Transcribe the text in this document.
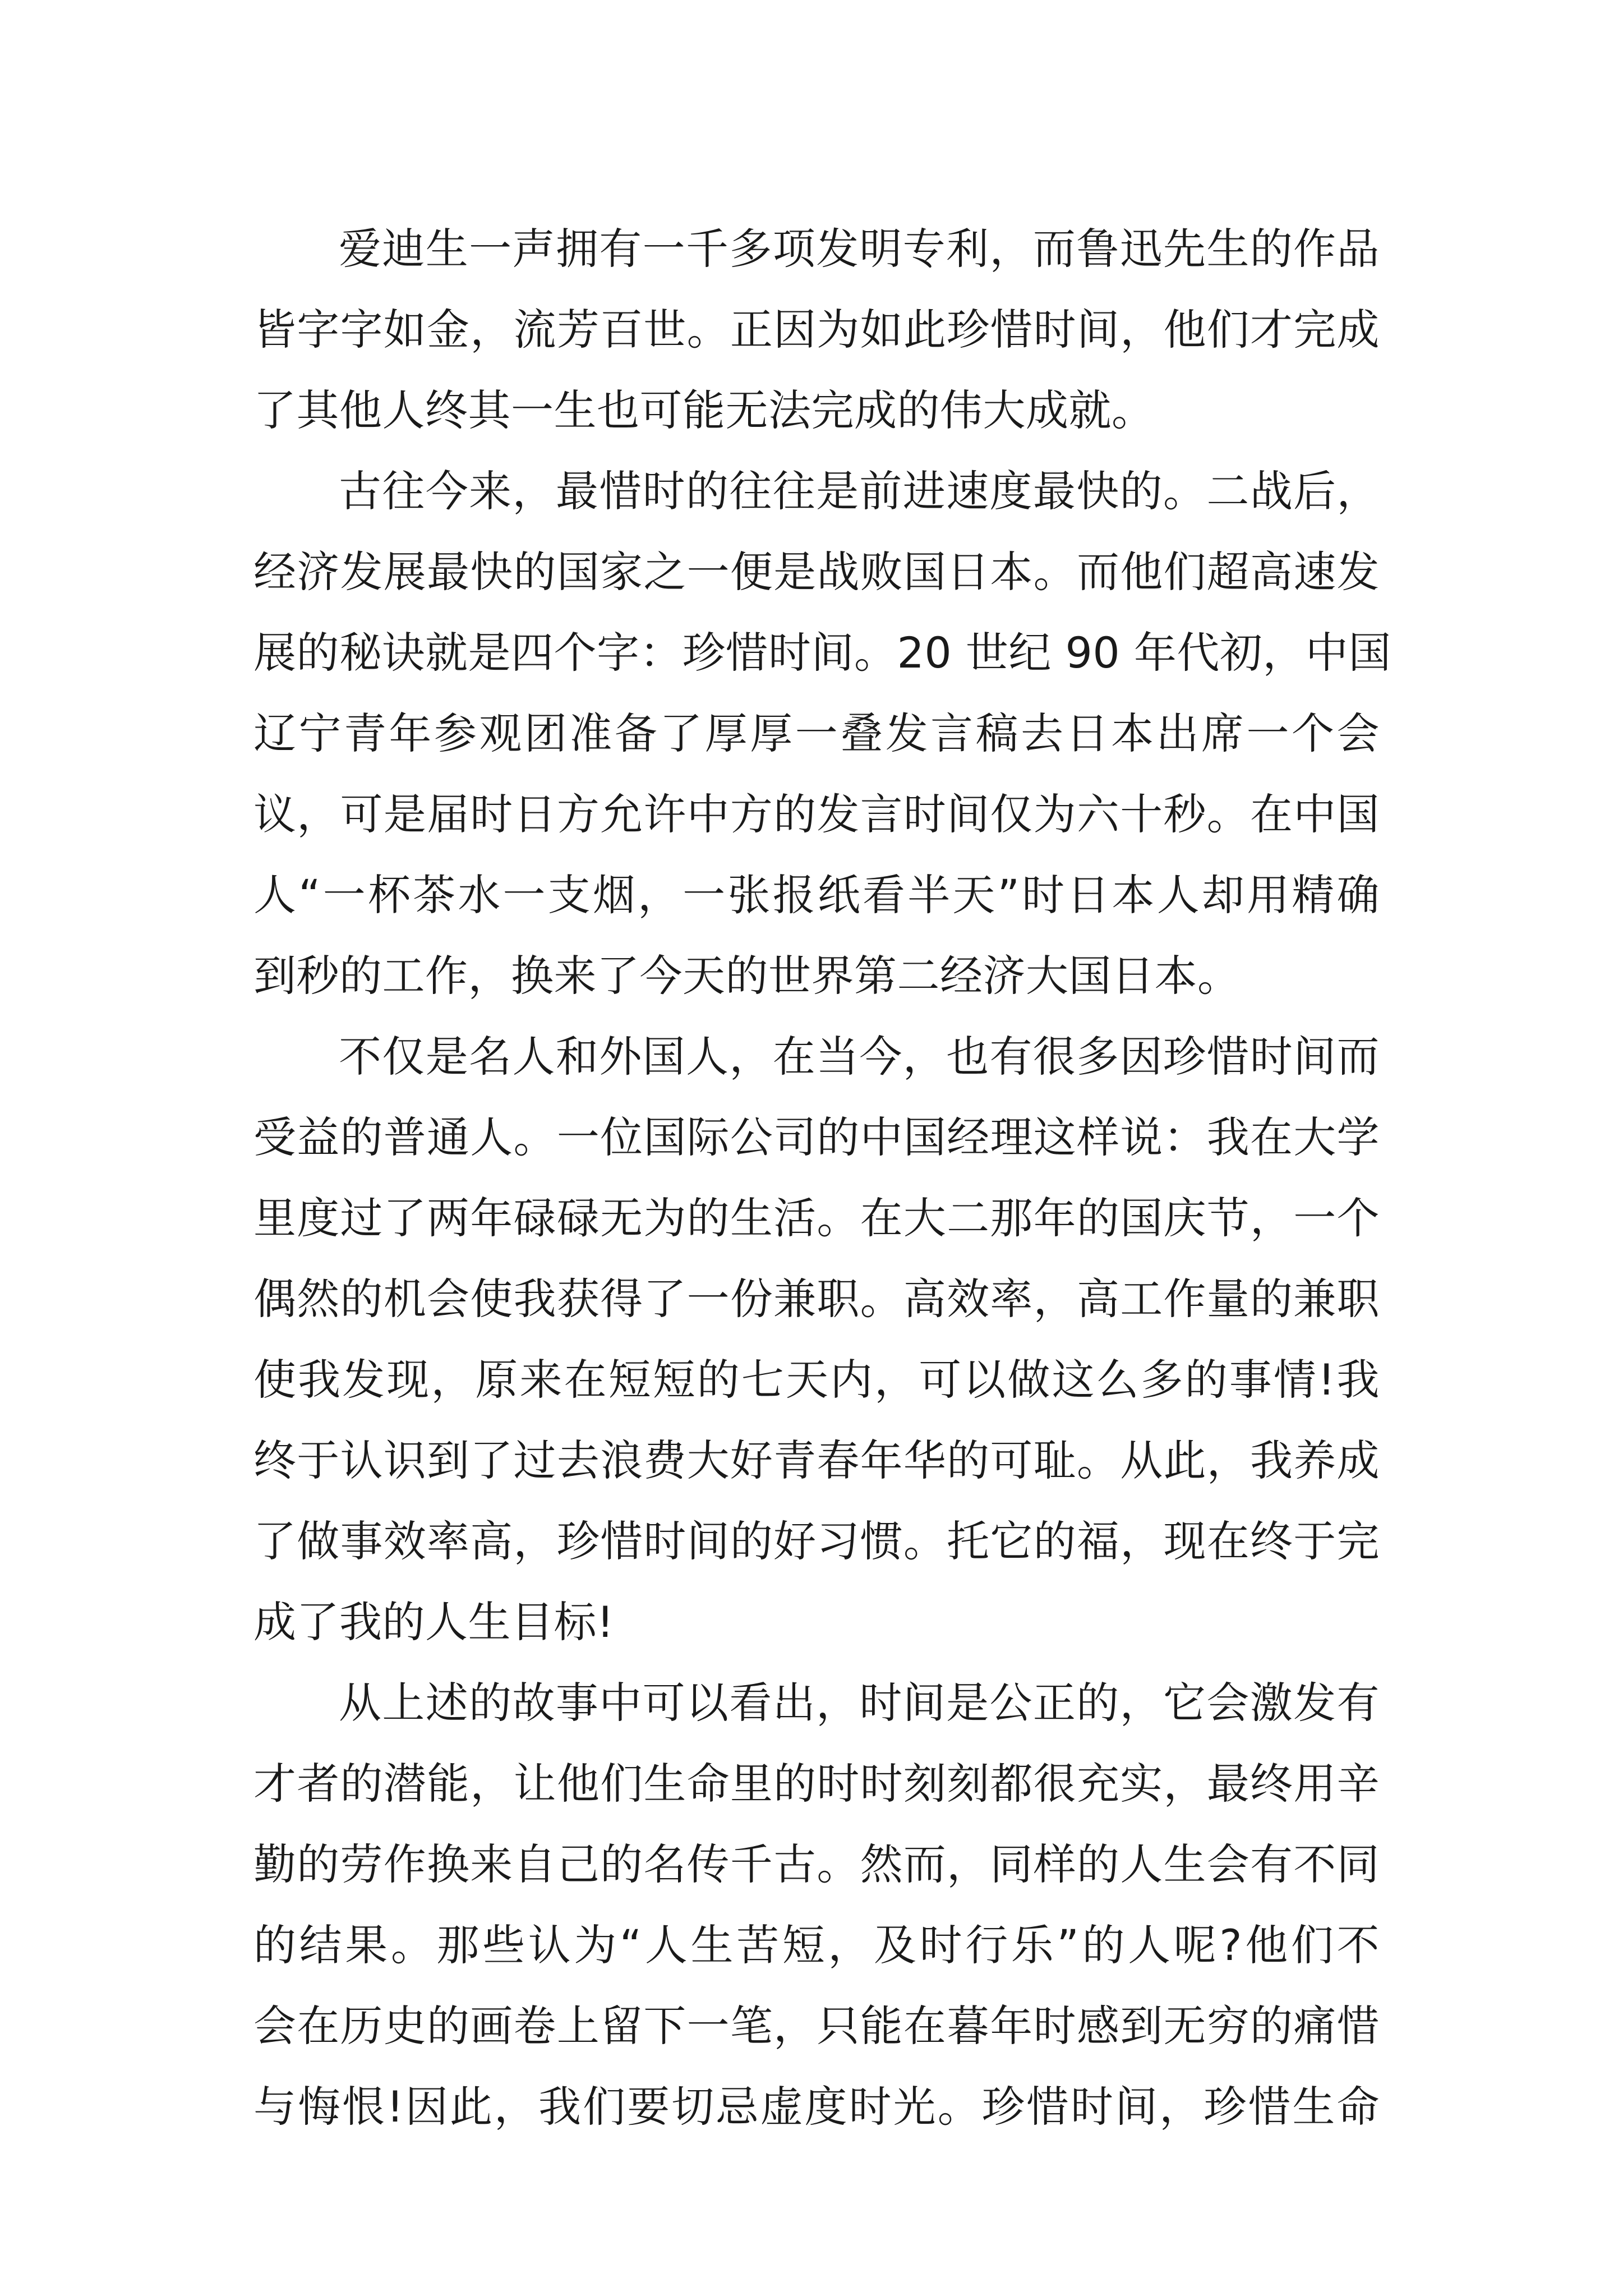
爱迪生一声拥有一千多项发明专利，而鲁迅先生的作品
皆字字如金，流芳百世。正因为如此珍惜时间，他们才完成
了其他人终其一生也可能无法完成的伟大成就。
古往今来，最惜时的往往是前进速度最快的。二战后，
经济发展最快的国家之一便是战败国日本。而他们超高速发
展的秘诀就是四个字：珍惜时间。20 世纪 90 年代初，中国
辽宁青年参观团准备了厚厚一叠发言稿去日本出席一个会
议，可是届时日方允许中方的发言时间仅为六十秒。在中国
人“一杯茶水一支烟，一张报纸看半天”时日本人却用精确
到秒的工作，换来了今天的世界第二经济大国日本。
不仅是名人和外国人，在当今，也有很多因珍惜时间而
受益的普通人。一位国际公司的中国经理这样说：我在大学
里度过了两年碌碌无为的生活。在大二那年的国庆节，一个
偶然的机会使我获得了一份兼职。高效率，高工作量的兼职
使我发现，原来在短短的七天内，可以做这么多的事情!我
终于认识到了过去浪费大好青春年华的可耻。从此，我养成
了做事效率高，珍惜时间的好习惯。托它的福，现在终于完
成了我的人生目标!
从上述的故事中可以看出，时间是公正的，它会激发有
才者的潜能，让他们生命里的时时刻刻都很充实，最终用辛
勤的劳作换来自己的名传千古。然而，同样的人生会有不同
的结果。那些认为“人生苦短，及时行乐”的人呢?他们不
会在历史的画卷上留下一笔，只能在暮年时感到无穷的痛惜
与悔恨!因此，我们要切忌虚度时光。珍惜时间，珍惜生命
